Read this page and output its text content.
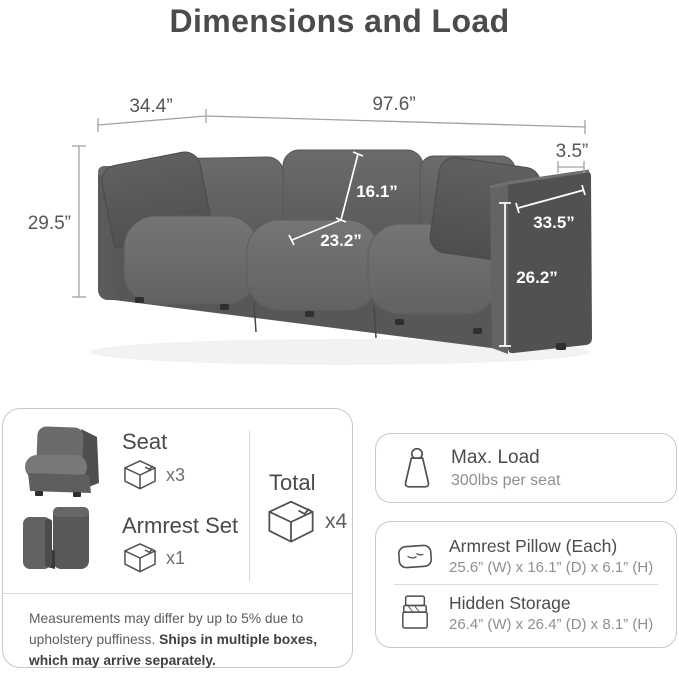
Dimensions and Load
34.4”	97.6”
3.5”
29.5”
16.1”
23.2”
33.5”
26.2”
Seat
x3
Armrest Set
x1
Total
x4
Measurements may differ by up to 5% due to upholstery puffiness. Ships in multiple boxes, which may arrive separately.
Max. Load
300lbs per seat
Armrest Pillow (Each)
25.6” (W) x 16.1” (D) x 6.1” (H)
Hidden Storage
26.4” (W) x 26.4” (D) x 8.1” (H)
